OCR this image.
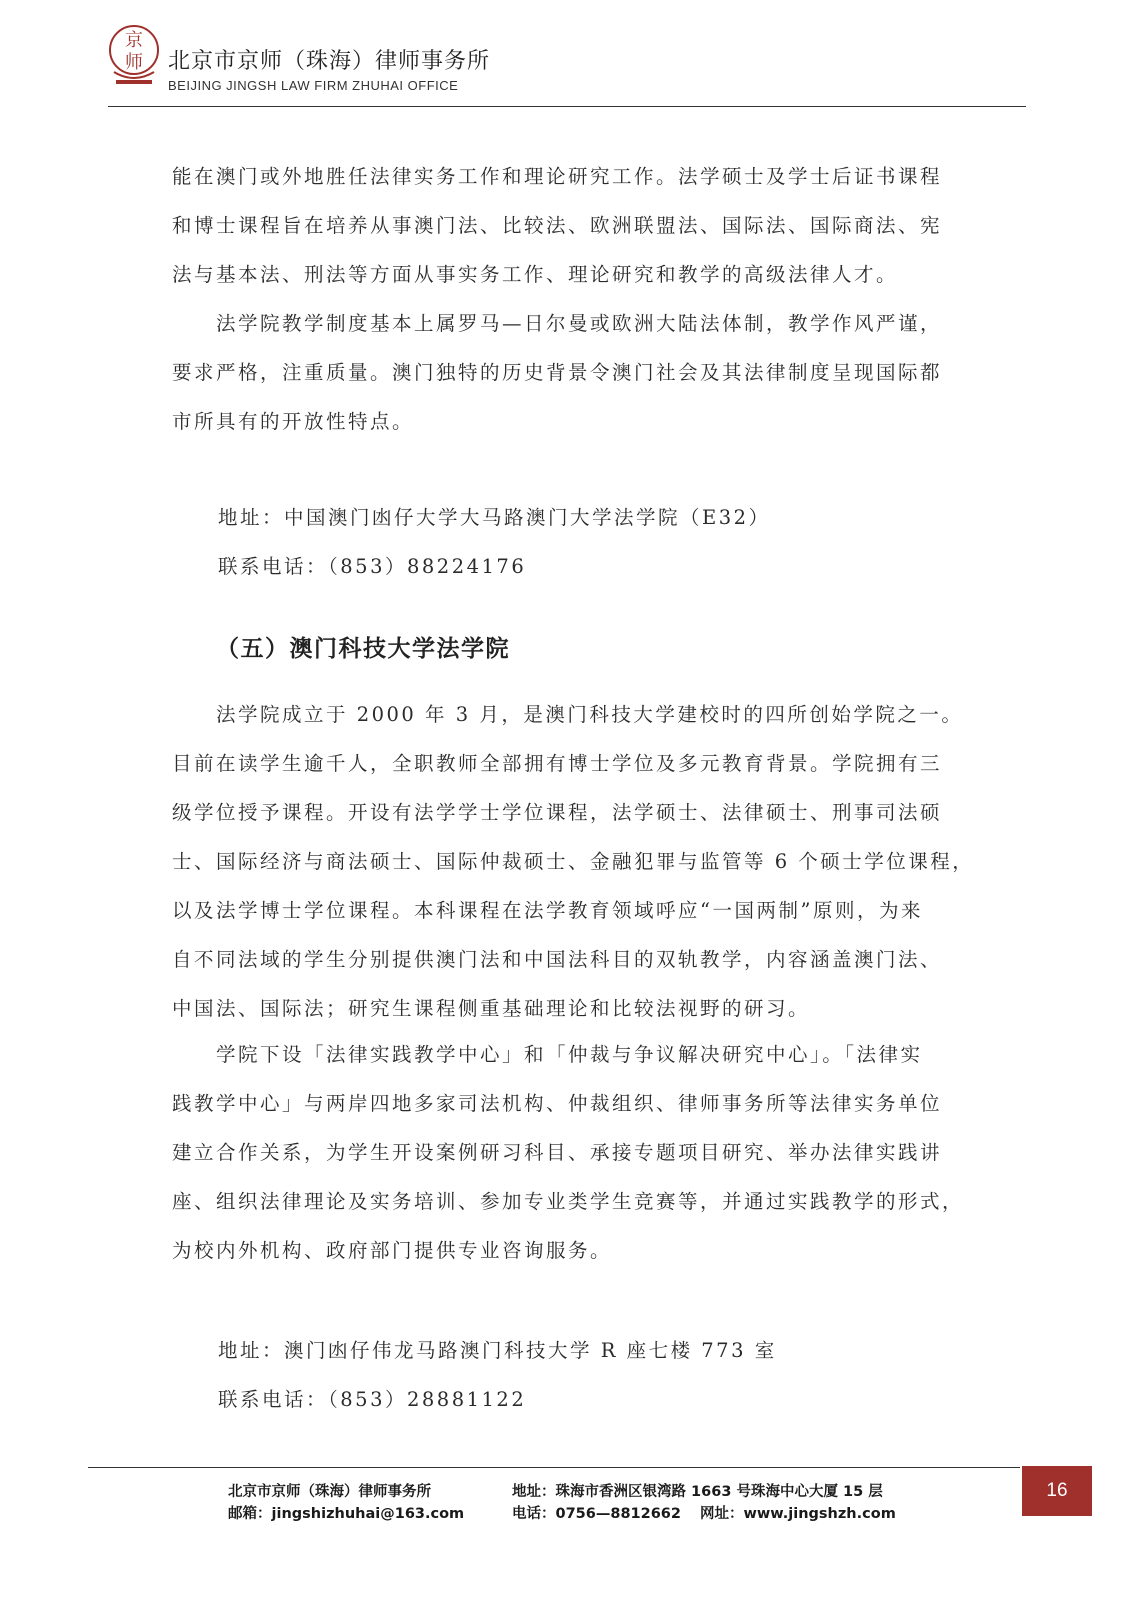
京
师 北京市京师（珠海）律师事务所
BEIJING JINGSH LAW FIRM ZHUHAI OFFICE
能在澳门或外地胜任法律实务工作和理论研究工作。法学硕士及学士后证书课程
和博士课程旨在培养从事澳门法、比较法、欧洲联盟法、国际法、国际商法、宪
法与基本法、刑法等方面从事实务工作、理论研究和教学的高级法律人才。
法学院教学制度基本上属罗马—日尔曼或欧洲大陆法体制，教学作风严谨，
要求严格，注重质量。澳门独特的历史背景令澳门社会及其法律制度呈现国际都
市所具有的开放性特点。
地址：中国澳门凼仔大学大马路澳门大学法学院（E32）
联系电话：（853）88224176
（五）澳门科技大学法学院
法学院成立于 2000 年 3 月，是澳门科技大学建校时的四所创始学院之一。
目前在读学生逾千人，全职教师全部拥有博士学位及多元教育背景。学院拥有三
级学位授予课程。开设有法学学士学位课程，法学硕士、法律硕士、刑事司法硕
士、国际经济与商法硕士、国际仲裁硕士、金融犯罪与监管等 6 个硕士学位课程，
以及法学博士学位课程。本科课程在法学教育领域呼应“一国两制”原则，为来
自不同法域的学生分别提供澳门法和中国法科目的双轨教学，内容涵盖澳门法、
中国法、国际法；研究生课程侧重基础理论和比较法视野的研习。
学院下设「法律实践教学中心」和「仲裁与争议解决研究中心」。「法律实
践教学中心」与两岸四地多家司法机构、仲裁组织、律师事务所等法律实务单位
建立合作关系，为学生开设案例研习科目、承接专题项目研究、举办法律实践讲
座、组织法律理论及实务培训、参加专业类学生竞赛等，并通过实践教学的形式，
为校内外机构、政府部门提供专业咨询服务。
地址：澳门凼仔伟龙马路澳门科技大学 R 座七楼 773 室
联系电话：（853）28881122
北京市京师（珠海）律师事务所
邮箱：jingshizhuhai@163.com
地址：珠海市香洲区银湾路 1663 号珠海中心大厦 15 层
电话：0756—8812662 网址：www.jingshzh.com
16
